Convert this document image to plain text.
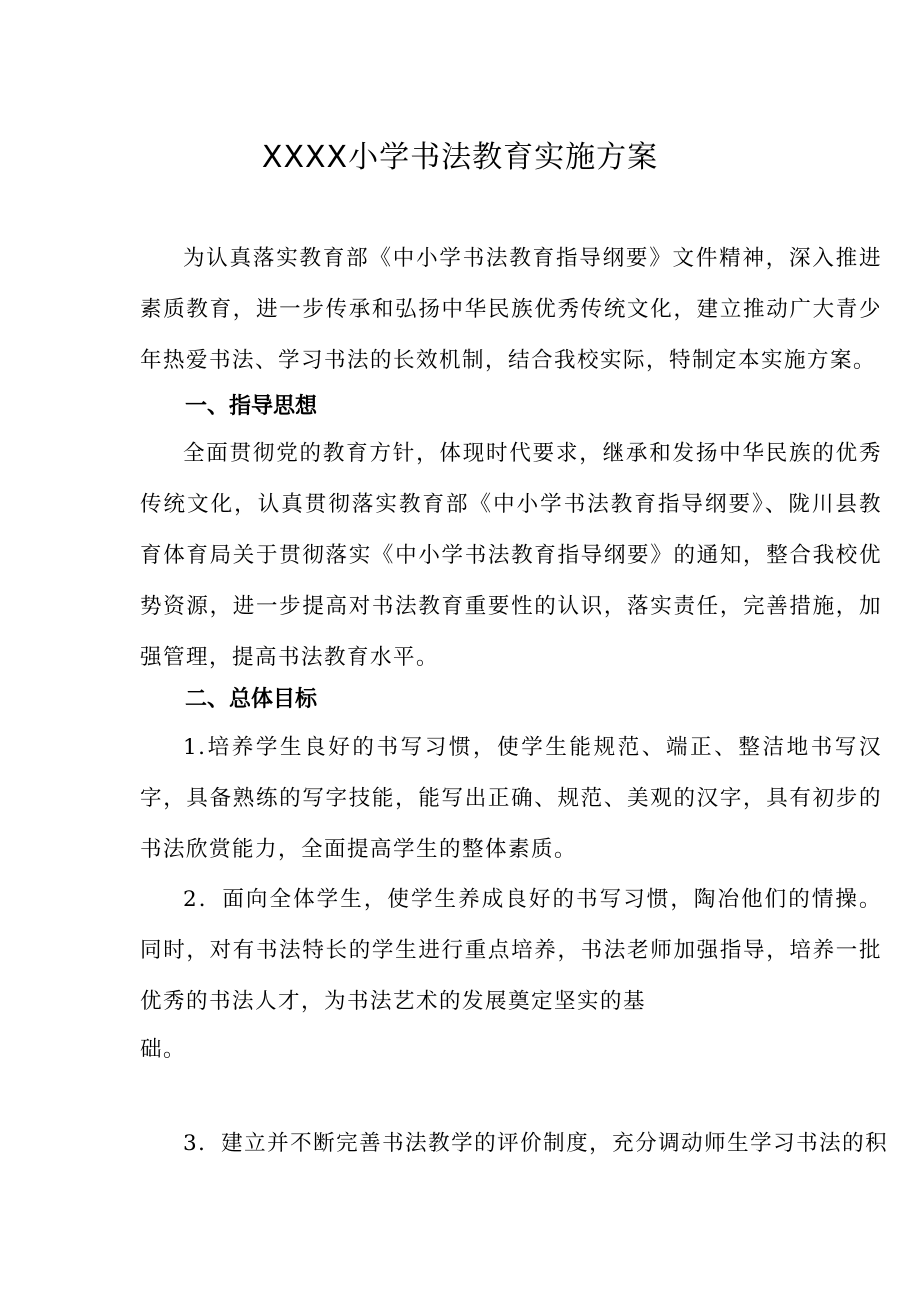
XXXX小学书法教育实施方案

为认真落实教育部《中小学书法教育指导纲要》文件精神，深入推进素质教育，进一步传承和弘扬中华民族优秀传统文化，建立推动广大青少年热爱书法、学习书法的长效机制，结合我校实际，特制定本实施方案。

一、指导思想

全面贯彻党的教育方针，体现时代要求，继承和发扬中华民族的优秀传统文化，认真贯彻落实教育部《中小学书法教育指导纲要》、陇川县教育体育局关于贯彻落实《中小学书法教育指导纲要》的通知，整合我校优势资源，进一步提高对书法教育重要性的认识，落实责任，完善措施，加强管理，提高书法教育水平。

二、总体目标

1.培养学生良好的书写习惯，使学生能规范、端正、整洁地书写汉字，具备熟练的写字技能，能写出正确、规范、美观的汉字，具有初步的书法欣赏能力，全面提高学生的整体素质。

2．面向全体学生，使学生养成良好的书写习惯，陶冶他们的情操。同时，对有书法特长的学生进行重点培养，书法老师加强指导，培养一批优秀的书法人才，为书法艺术的发展奠定坚实的基

础。

3．建立并不断完善书法教学的评价制度，充分调动师生学习书法的积
